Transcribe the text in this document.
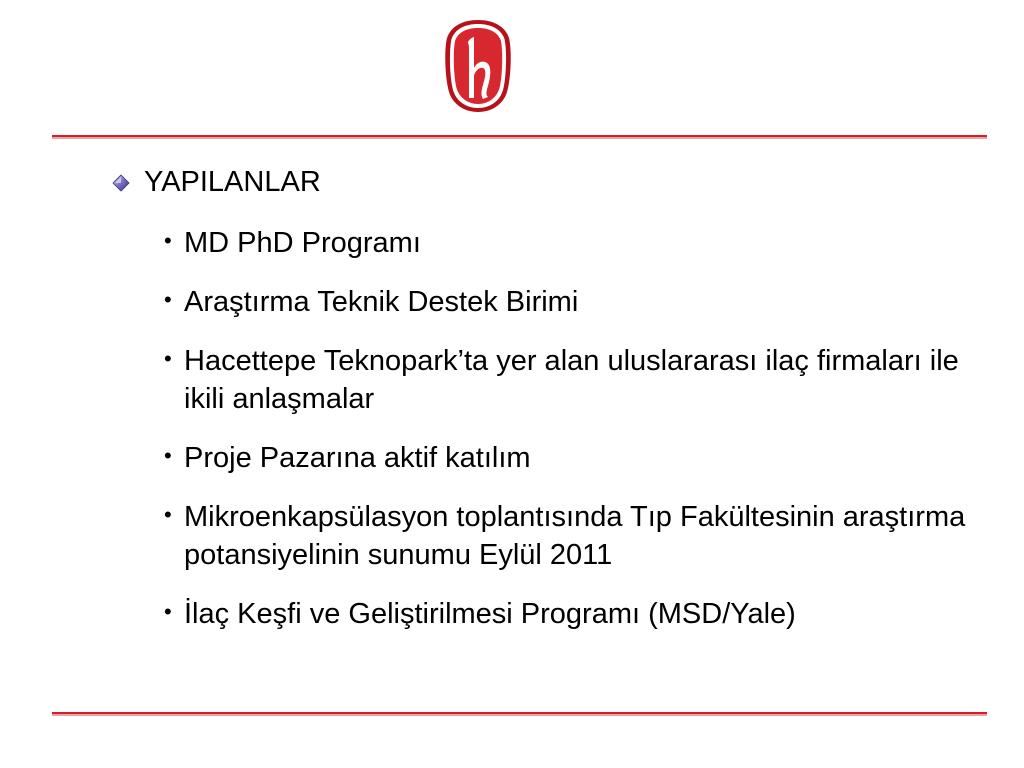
YAPILANLAR
• MD PhD Programı
• Araştırma Teknik Destek Birimi
• Hacettepe Teknopark’ta yer alan uluslararası ilaç firmaları ile ikili anlaşmalar
• Proje Pazarına aktif katılım
• Mikroenkapsülasyon toplantısında Tıp Fakültesinin araştırma potansiyelinin sunumu Eylül 2011
• İlaç Keşfi ve Geliştirilmesi Programı (MSD/Yale)
